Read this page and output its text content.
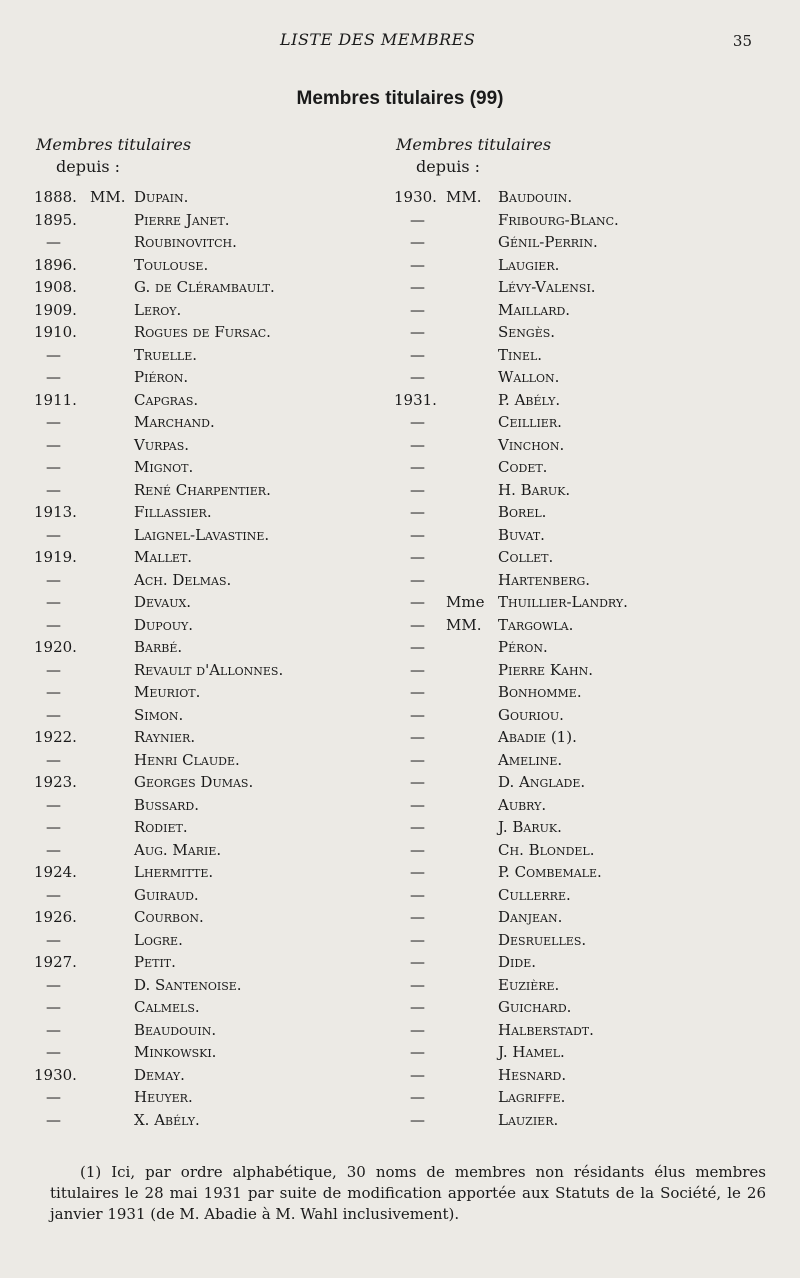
LISTE DES MEMBRES	35
Membres titulaires (99)
Membres titulaires
depuis :
Membres titulaires
depuis :
1888. MM. Dupain.
1895.	Pierre Janet.
—	Roubinovitch.
1896.	Toulouse.
1908.	G. de Clérambault.
1909.	Leroy.
1910.	Rogues de Fursac.
—	Truelle.
—	Piéron.
1911.	Capgras.
—	Marchand.
—	Vurpas.
—	Mignot.
—	René Charpentier.
1913.	Fillassier.
—	Laignel-Lavastine.
1919.	Mallet.
—	Ach. Delmas.
—	Devaux.
—	Dupouy.
1920.	Barbé.
—	Revault d'Allonnes.
—	Meuriot.
—	Simon.
1922.	Raynier.
—	Henri Claude.
1923.	Georges Dumas.
—	Bussard.
—	Rodiet.
—	Aug. Marie.
1924.	Lhermitte.
—	Guiraud.
1926.	Courbon.
—	Logre.
1927.	Petit.
—	D. Santenoise.
—	Calmels.
—	Beaudouin.
—	Minkowski.
1930.	Demay.
—	Heuyer.
—	X. Abély.
1930. MM. Baudouin.
—	Fribourg-Blanc.
—	Génil-Perrin.
—	Laugier.
—	Lévy-Valensi.
—	Maillard.
—	Sengès.
—	Tinel.
—	Wallon.
1931.	P. Abély.
—	Ceillier.
—	Vinchon.
—	Codet.
—	H. Baruk.
—	Borel.
—	Buvat.
—	Collet.
—	Hartenberg.
— Mme Thuillier-Landry.
— MM. Targowla.
—	Péron.
—	Pierre Kahn.
—	Bonhomme.
—	Gouriou.
—	Abadie (1).
—	Ameline.
—	D. Anglade.
—	Aubry.
—	J. Baruk.
—	Ch. Blondel.
—	P. Combemale.
—	Cullerre.
—	Danjean.
—	Desruelles.
—	Dide.
—	Euzière.
—	Guichard.
—	Halberstadt.
—	J. Hamel.
—	Hesnard.
—	Lagriffe.
—	Lauzier.
(1) Ici, par ordre alphabétique, 30 noms de membres non résidants élus membres titulaires le 28 mai 1931 par suite de modification apportée aux Statuts de la Société, le 26 janvier 1931 (de M. Abadie à M. Wahl inclusivement).
